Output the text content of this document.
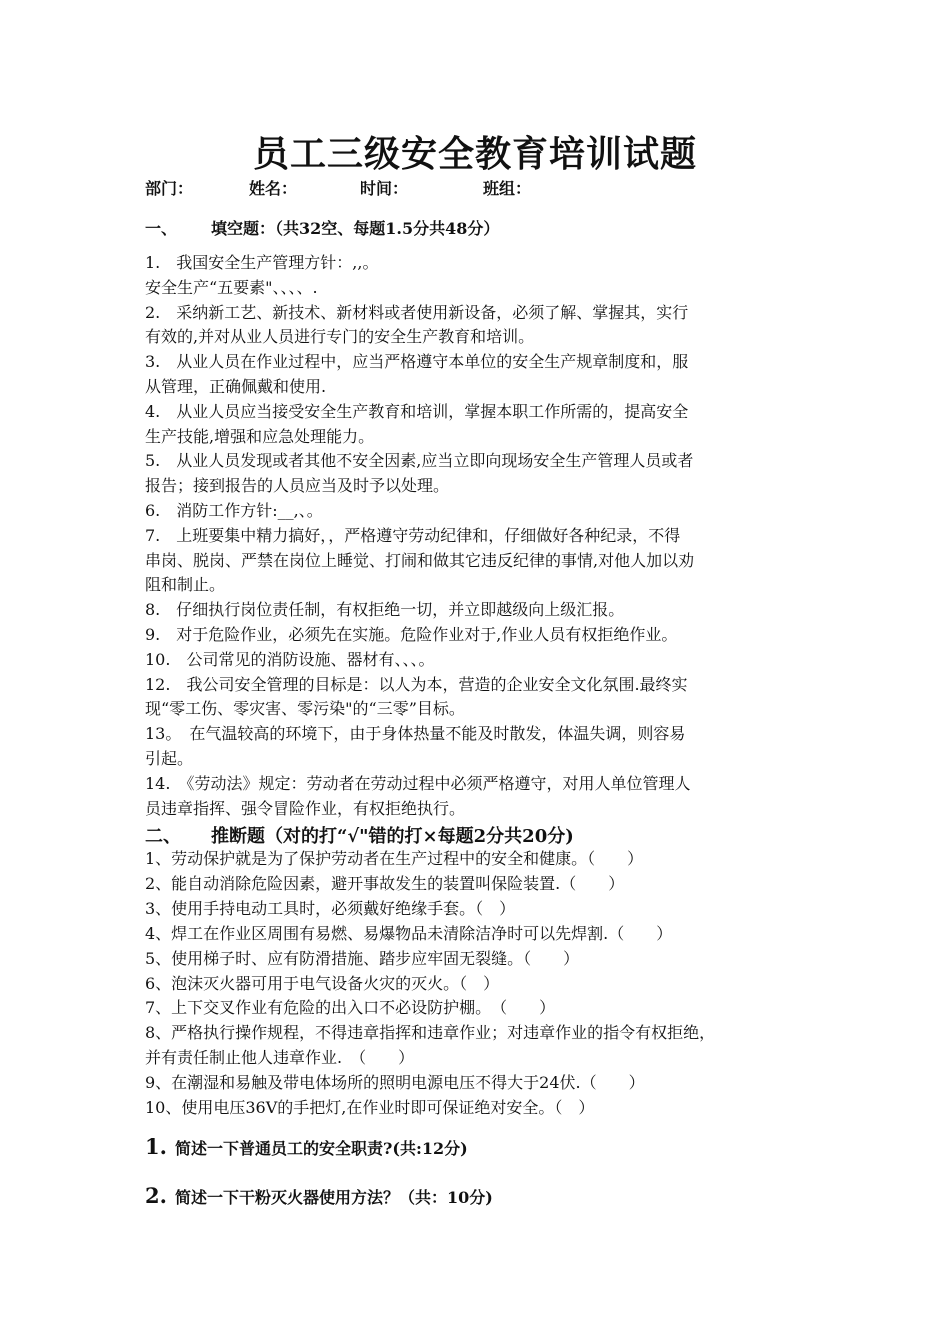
员工三级安全教育培训试题
部门：	姓名：	时间：	班组：
一、 填空题：（共32空、每题1.5分共48分）
1.　我国安全生产管理方针：,,。
安全生产“五要素"、、、、.
2.　采纳新工艺、新技术、新材料或者使用新设备，必须了解、掌握其，实行
有效的,并对从业人员进行专门的安全生产教育和培训。
3.　从业人员在作业过程中，应当严格遵守本单位的安全生产规章制度和，服
从管理，正确佩戴和使用.
4.　从业人员应当接受安全生产教育和培训，掌握本职工作所需的，提高安全
生产技能,增强和应急处理能力。
5.　从业人员发现或者其他不安全因素,应当立即向现场安全生产管理人员或者
报告；接到报告的人员应当及时予以处理。
6.　消防工作方针:__,、。
7.　上班要集中精力搞好，，严格遵守劳动纪律和，仔细做好各种纪录，不得
串岗、脱岗、严禁在岗位上睡觉、打闹和做其它违反纪律的事情,对他人加以劝
阻和制止。
8.　仔细执行岗位责任制，有权拒绝一切，并立即越级向上级汇报。
9.　对于危险作业，必须先在实施。危险作业对于,作业人员有权拒绝作业。
10.　公司常见的消防设施、器材有、、、。
12.　我公司安全管理的目标是：以人为本，营造的企业安全文化氛围.最终实
现“零工伤、零灾害、零污染"的“三零”目标。
13。　在气温较高的环境下，由于身体热量不能及时散发，体温失调，则容易
引起。
14.　《劳动法》规定：劳动者在劳动过程中必须严格遵守，对用人单位管理人
员违章指挥、强令冒险作业，有权拒绝执行。
二、 推断题（对的打“√"错的打×每题2分共20分)
1、劳动保护就是为了保护劳动者在生产过程中的安全和健康。（　　）
2、能自动消除危险因素，避开事故发生的装置叫保险装置.（　　）
3、使用手持电动工具时，必须戴好绝缘手套。（　）
4、焊工在作业区周围有易燃、易爆物品未清除洁净时可以先焊割.（　　）
5、使用梯子时、应有防滑措施、踏步应牢固无裂缝。（　　）
6、泡沫灭火器可用于电气设备火灾的灭火。（　）
7、上下交叉作业有危险的出入口不必设防护棚。　（　　）
8、严格执行操作规程，不得违章指挥和违章作业；对违章作业的指令有权拒绝，
并有责任制止他人违章作业.　（　　）
9、在潮湿和易触及带电体场所的照明电源电压不得大于24伏.（　　）
10、使用电压36V的手把灯,在作业时即可保证绝对安全。（　）
1. 简述一下普通员工的安全职责?(共:12分)
2. 简述一下干粉灭火器使用方法？（共：10分)
